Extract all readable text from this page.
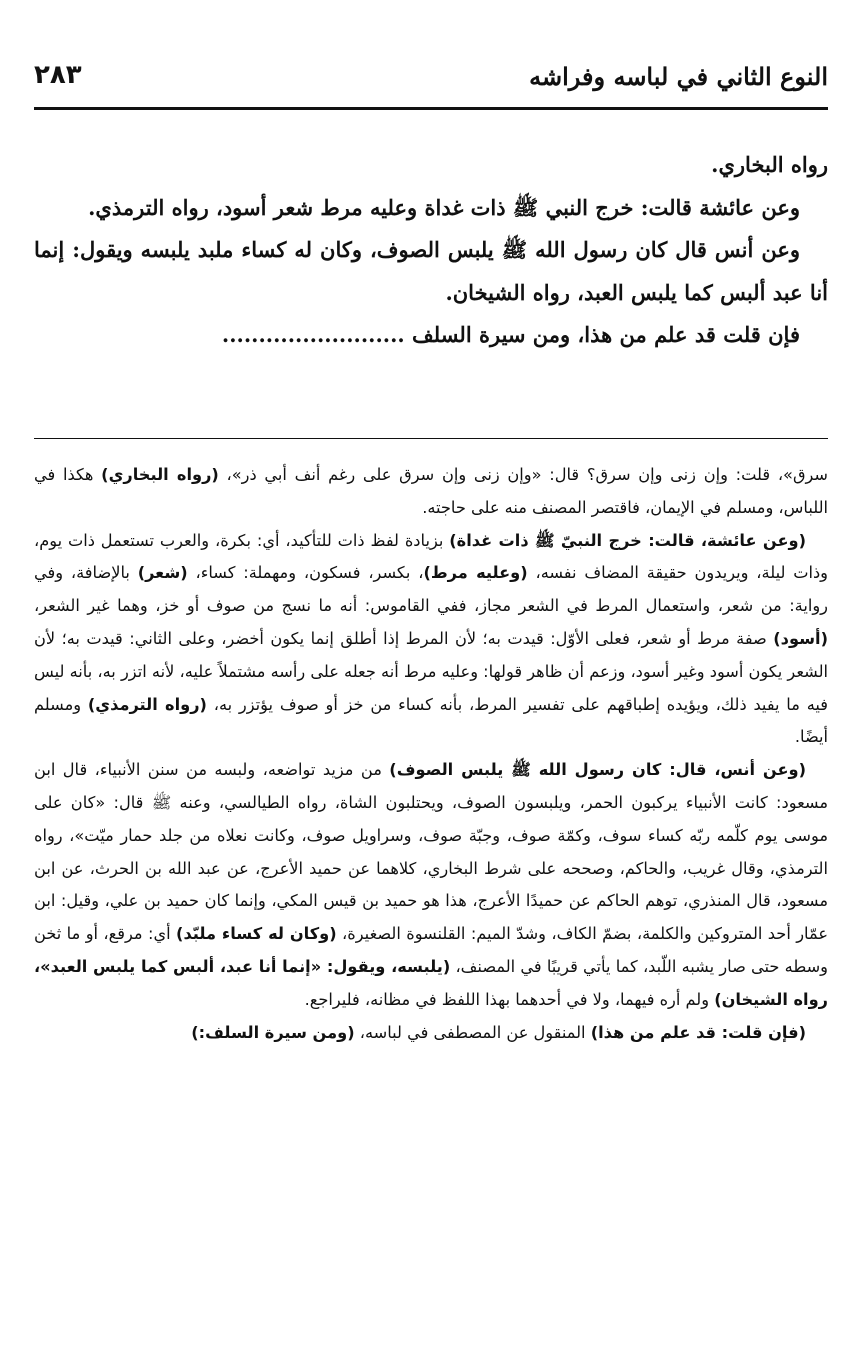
النوع الثاني في لباسه وفراشه
٢٨٣

رواه البخاري.

وعن عائشة قالت: خرج النبي ﷺ ذات غداة وعليه مرط شعر أسود، رواه الترمذي.

وعن أنس قال كان رسول الله ﷺ يلبس الصوف، وكان له كساء ملبد يلبسه ويقول: إنما أنا عبد ألبس كما يلبس العبد، رواه الشيخان.

فإن قلت قد علم من هذا، ومن سيرة السلف .........................

سرق»، قلت: وإن زنى وإن سرق؟ قال: «وإن زنى وإن سرق على رغم أنف أبي ذر»، (رواه البخاري) هكذا في اللباس، ومسلم في الإيمان، فاقتصر المصنف منه على حاجته.

(وعن عائشة، قالت: خرج النبيّ ﷺ ذات غداة) بزيادة لفظ ذات للتأكيد، أي: بكرة، والعرب تستعمل ذات يوم، وذات ليلة، ويريدون حقيقة المضاف نفسه، (وعليه مرط)، بكسر، فسكون، ومهملة: كساء، (شعر) بالإضافة، وفي رواية: من شعر، واستعمال المرط في الشعر مجاز، ففي القاموس: أنه ما نسج من صوف أو خز، وهما غير الشعر، (أسود) صفة مرط أو شعر، فعلى الأوّل: قيدت به؛ لأن المرط إذا أطلق إنما يكون أخضر، وعلى الثاني: قيدت به؛ لأن الشعر يكون أسود وغير أسود، وزعم أن ظاهر قولها: وعليه مرط أنه جعله على رأسه مشتملاً عليه، لأنه اتزر به، بأنه ليس فيه ما يفيد ذلك، ويؤيده إطباقهم على تفسير المرط، بأنه كساء من خز أو صوف يؤتزر به، (رواه الترمذي) ومسلم أيضًا.

(وعن أنس، قال: كان رسول الله ﷺ يلبس الصوف) من مزيد تواضعه، ولبسه من سنن الأنبياء، قال ابن مسعود: كانت الأنبياء يركبون الحمر، ويلبسون الصوف، ويحتلبون الشاة، رواه الطيالسي، وعنه ﷺ قال: «كان على موسى يوم كلّمه ربّه كساء سوف، وكمّة صوف، وجبّة صوف، وسراويل صوف، وكانت نعلاه من جلد حمار ميّت»، رواه الترمذي، وقال غريب، والحاكم، وصححه على شرط البخاري، كلاهما عن حميد الأعرج، عن عبد الله بن الحرث، عن ابن مسعود، قال المنذري، توهم الحاكم عن حميدًا الأعرج، هذا هو حميد بن قيس المكي، وإنما كان حميد بن علي، وقيل: ابن عمّار أحد المتروكين والكلمة، بضمّ الكاف، وشدّ الميم: القلنسوة الصغيرة، (وكان له كساء ملبّد) أي: مرقع، أو ما ثخن وسطه حتى صار يشبه اللّبد، كما يأتي قريبًا في المصنف، (يلبسه، ويقول: «إنما أنا عبد، ألبس كما يلبس العبد»، رواه الشيخان) ولم أره فيهما، ولا في أحدهما بهذا اللفظ في مظانه، فليراجع.

(فإن قلت: قد علم من هذا) المنقول عن المصطفى في لباسه، (ومن سيرة السلف:)
